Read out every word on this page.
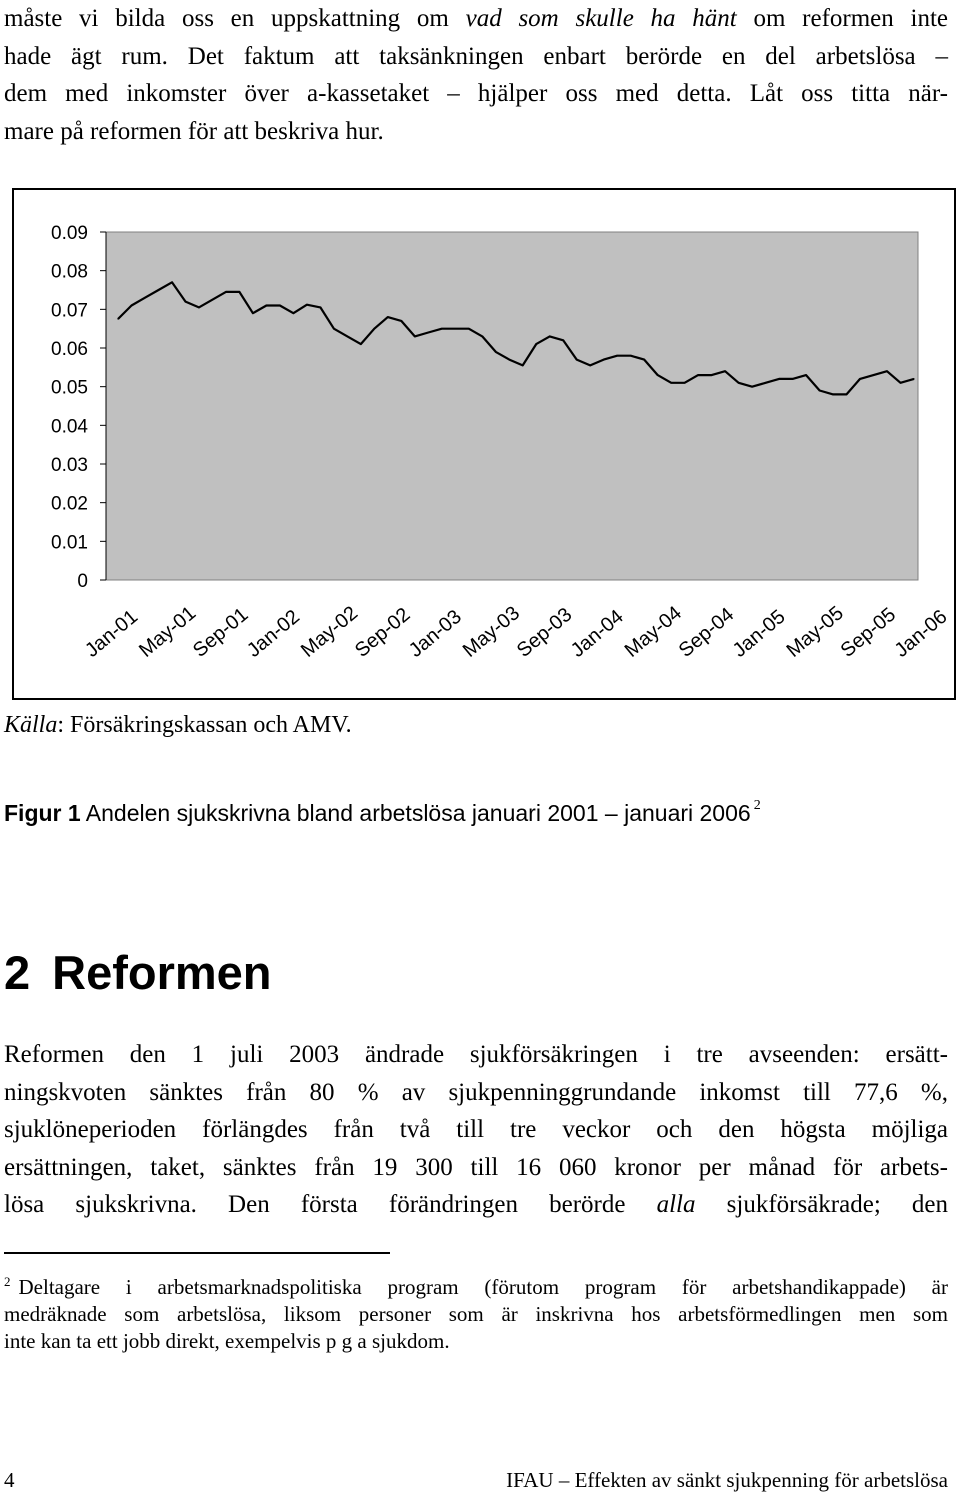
måste vi bilda oss en uppskattning om vad som skulle ha hänt om reformen inte
hade ägt rum. Det faktum att taksänkningen enbart berörde en del arbetslösa –
dem med inkomster över a-kassetaket – hjälper oss med detta. Låt oss titta när-
mare på reformen för att beskriva hur.
0.09
0.08
0.07
0.06
0.05
0.04
0.03
0.02
0.01
0
Jan-01
May-01
Sep-01
Jan-02
May-02
Sep-02
Jan-03
May-03
Sep-03
Jan-04
May-04
Sep-04
Jan-05
May-05
Sep-05
Jan-06
Källa: Försäkringskassan och AMV.
Figur 1 Andelen sjukskrivna bland arbetslösa januari 2001 – januari 2006 $^2$
2 Reformen
Reformen den 1 juli 2003 ändrade sjukförsäkringen i tre avseenden: ersätt-
ningskvoten sänktes från 80 % av sjukpenninggrundande inkomst till 77,6 %,
sjuklöneperioden förlängdes från två till tre veckor och den högsta möjliga
ersättningen, taket, sänktes från 19 300 till 16 060 kronor per månad för arbets-
lösa sjukskrivna. Den första förändringen berörde alla sjukförsäkrade; den
$^2$ Deltagare i arbetsmarknadspolitiska program (förutom program för arbetshandikappade) är
medräknade som arbetslösa, liksom personer som är inskrivna hos arbetsförmedlingen men som
inte kan ta ett jobb direkt, exempelvis p g a sjukdom.
4	IFAU – Effekten av sänkt sjukpenning för arbetslösa
